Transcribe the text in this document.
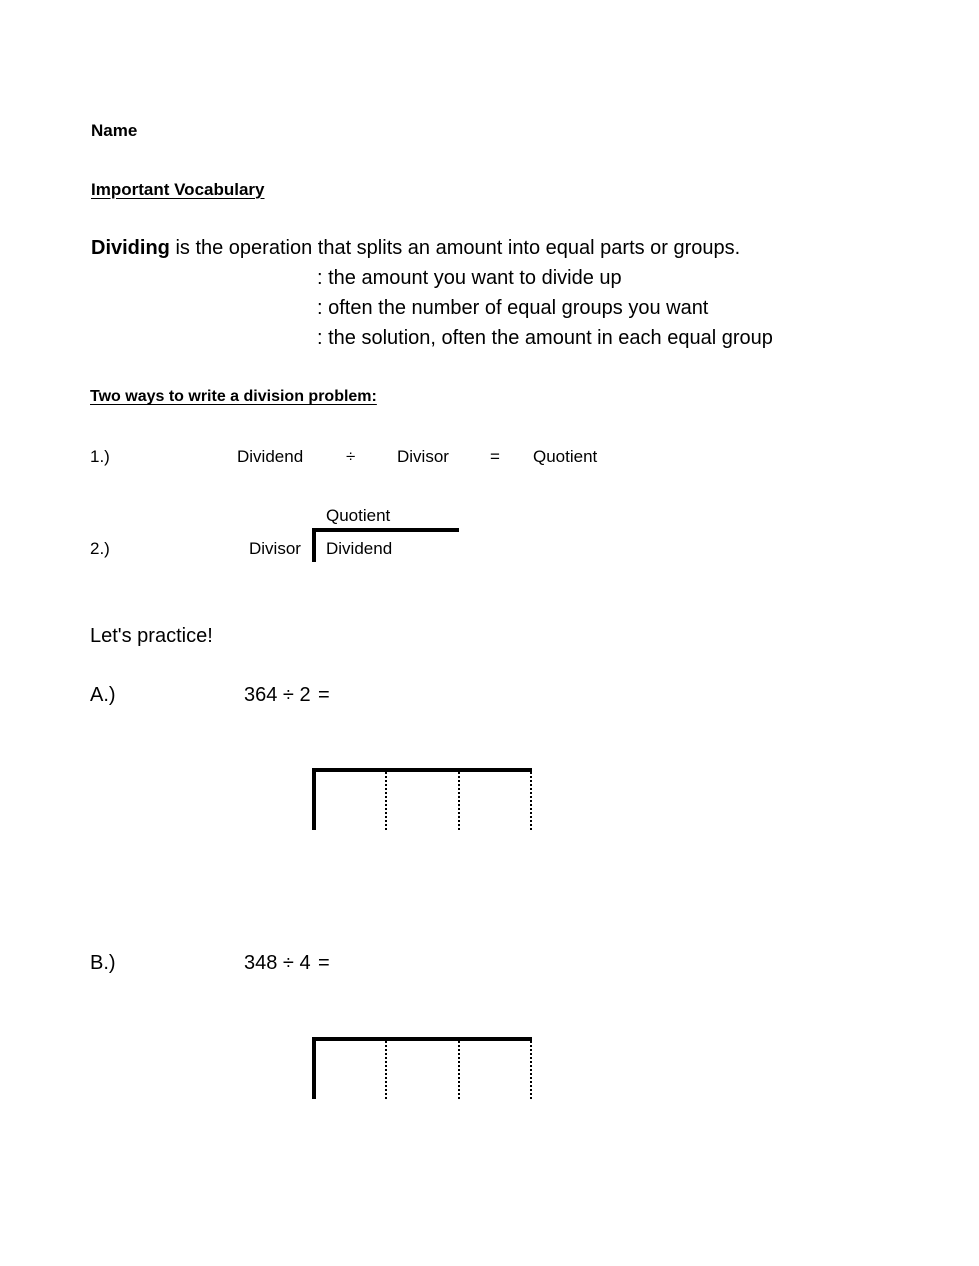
Name
Important Vocabulary
Dividing is the operation that splits an amount into equal parts or groups.
: the amount you want to divide up
: often the number of equal groups you want
: the solution, often the amount in each equal group
Two ways to write a division problem:
1.)	Dividend	÷ Divisor = Quotient
Quotient
2.)	Divisor Dividend
Let's practice!
A.)	364 ÷ 2 =
B.)	348 ÷ 4 =
